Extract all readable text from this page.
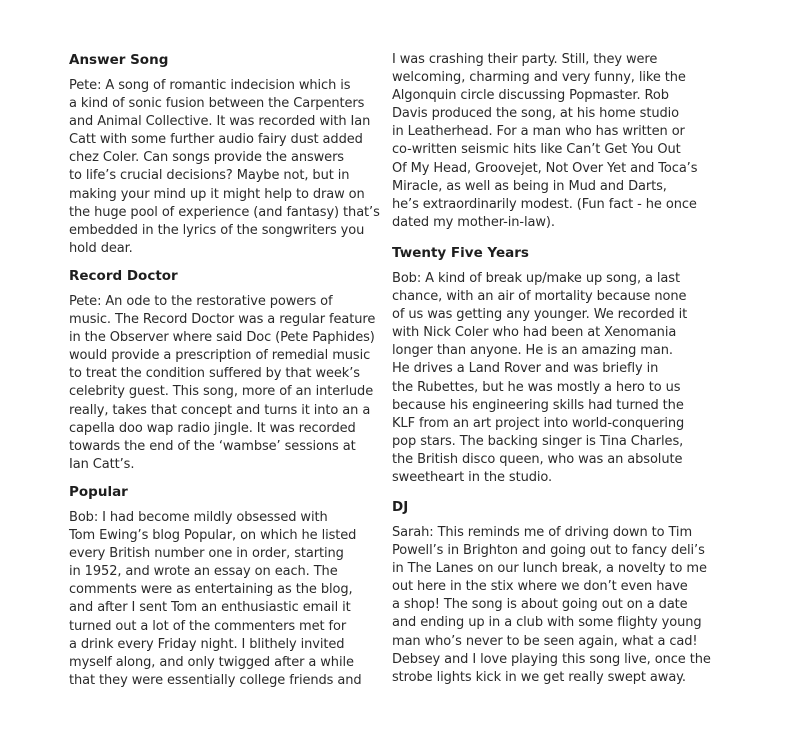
Answer Song
Pete: A song of romantic indecision which is
a kind of sonic fusion between the Carpenters
and Animal Collective. It was recorded with Ian
Catt with some further audio fairy dust added
chez Coler. Can songs provide the answers
to life’s crucial decisions? Maybe not, but in
making your mind up it might help to draw on
the huge pool of experience (and fantasy) that’s
embedded in the lyrics of the songwriters you
hold dear.
Record Doctor
Pete: An ode to the restorative powers of
music. The Record Doctor was a regular feature
in the Observer where said Doc (Pete Paphides)
would provide a prescription of remedial music
to treat the condition suffered by that week’s
celebrity guest. This song, more of an interlude
really, takes that concept and turns it into an a
capella doo wap radio jingle. It was recorded
towards the end of the ‘wambse’ sessions at
Ian Catt’s.
Popular
Bob: I had become mildly obsessed with
Tom Ewing’s blog Popular, on which he listed
every British number one in order, starting
in 1952, and wrote an essay on each. The
comments were as entertaining as the blog,
and after I sent Tom an enthusiastic email it
turned out a lot of the commenters met for
a drink every Friday night. I blithely invited
myself along, and only twigged after a while
that they were essentially college friends and
I was crashing their party. Still, they were
welcoming, charming and very funny, like the
Algonquin circle discussing Popmaster. Rob
Davis produced the song, at his home studio
in Leatherhead. For a man who has written or
co-written seismic hits like Can’t Get You Out
Of My Head, Groovejet, Not Over Yet and Toca’s
Miracle, as well as being in Mud and Darts,
he’s extraordinarily modest. (Fun fact - he once
dated my mother-in-law).
Twenty Five Years
Bob: A kind of break up/make up song, a last
chance, with an air of mortality because none
of us was getting any younger. We recorded it
with Nick Coler who had been at Xenomania
longer than anyone. He is an amazing man.
He drives a Land Rover and was briefly in
the Rubettes, but he was mostly a hero to us
because his engineering skills had turned the
KLF from an art project into world-conquering
pop stars. The backing singer is Tina Charles,
the British disco queen, who was an absolute
sweetheart in the studio.
DJ
Sarah: This reminds me of driving down to Tim
Powell’s in Brighton and going out to fancy deli’s
in The Lanes on our lunch break, a novelty to me
out here in the stix where we don’t even have
a shop! The song is about going out on a date
and ending up in a club with some flighty young
man who’s never to be seen again, what a cad!
Debsey and I love playing this song live, once the
strobe lights kick in we get really swept away.
